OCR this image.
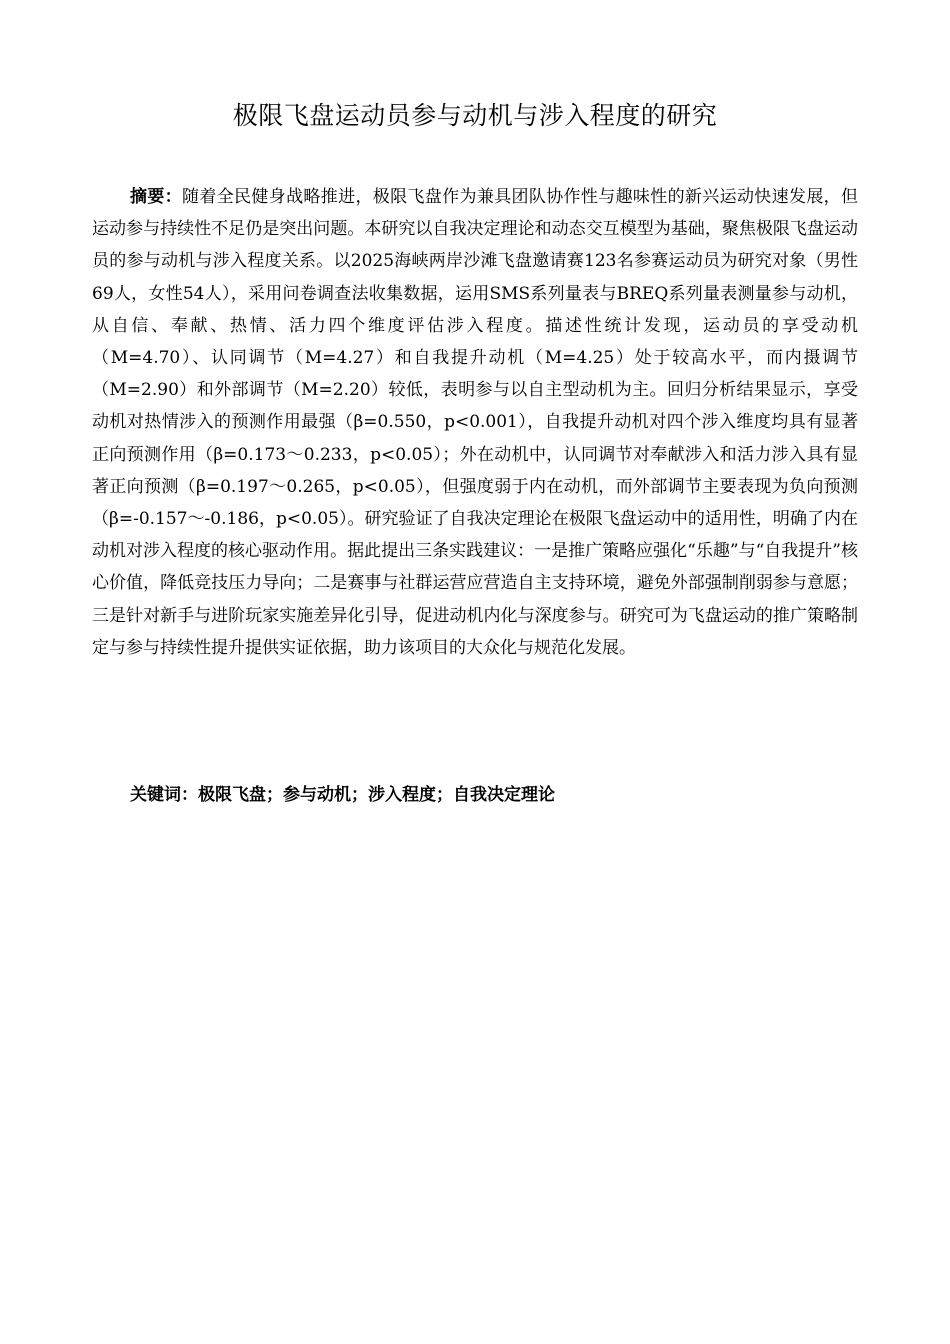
极限飞盘运动员参与动机与涉入程度的研究

摘要：随着全民健身战略推进，极限飞盘作为兼具团队协作性与趣味性的新兴运动快速发展，但运动参与持续性不足仍是突出问题。本研究以自我决定理论和动态交互模型为基础，聚焦极限飞盘运动员的参与动机与涉入程度关系。以2025海峡两岸沙滩飞盘邀请赛123名参赛运动员为研究对象（男性69人，女性54人），采用问卷调查法收集数据，运用SMS系列量表与BREQ系列量表测量参与动机，从自信、奉献、热情、活力四个维度评估涉入程度。描述性统计发现，运动员的享受动机（M=4.70）、认同调节（M=4.27）和自我提升动机（M=4.25）处于较高水平，而内摄调节（M=2.90）和外部调节（M=2.20）较低，表明参与以自主型动机为主。回归分析结果显示，享受动机对热情涉入的预测作用最强（β=0.550，p<0.001），自我提升动机对四个涉入维度均具有显著正向预测作用（β=0.173～0.233，p<0.05）；外在动机中，认同调节对奉献涉入和活力涉入具有显著正向预测（β=0.197～0.265，p<0.05），但强度弱于内在动机，而外部调节主要表现为负向预测（β=-0.157～-0.186，p<0.05）。研究验证了自我决定理论在极限飞盘运动中的适用性，明确了内在动机对涉入程度的核心驱动作用。据此提出三条实践建议：一是推广策略应强化“乐趣”与“自我提升”核心价值，降低竞技压力导向；二是赛事与社群运营应营造自主支持环境，避免外部强制削弱参与意愿；三是针对新手与进阶玩家实施差异化引导，促进动机内化与深度参与。研究可为飞盘运动的推广策略制定与参与持续性提升提供实证依据，助力该项目的大众化与规范化发展。

关键词：极限飞盘；参与动机；涉入程度；自我决定理论
